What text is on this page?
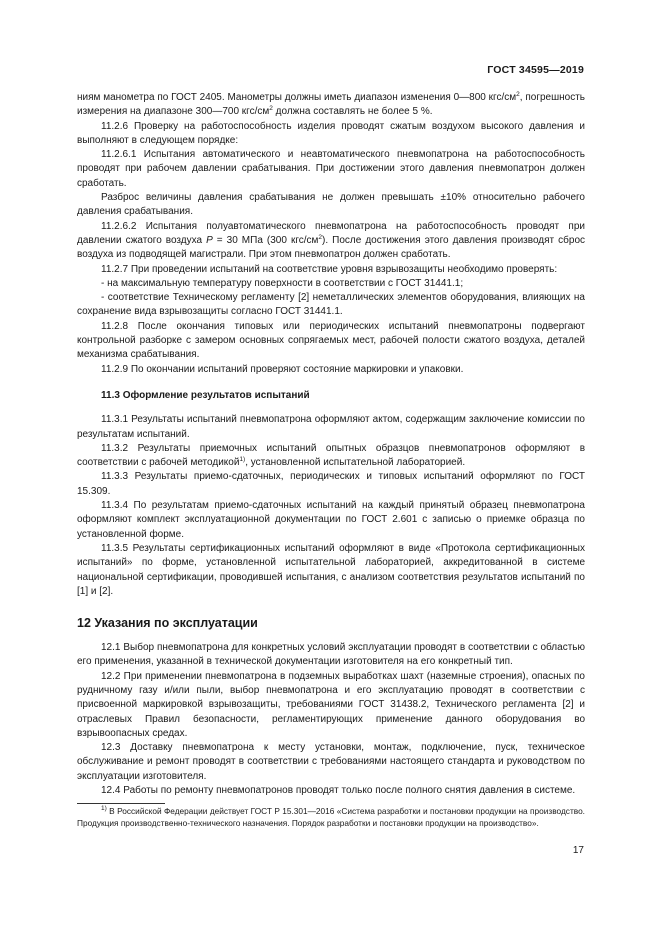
ГОСТ 34595—2019

ниям манометра по ГОСТ 2405. Манометры должны иметь диапазон изменения 0—800 кгс/$см^2$, погрешность измерения на диапазоне 300—700 кгс/$см^2$ должна составлять не более 5 %.

11.2.6 Проверку на работоспособность изделия проводят сжатым воздухом высокого давления и выполняют в следующем порядке:

11.2.6.1 Испытания автоматического и неавтоматического пневмопатрона на работоспособность проводят при рабочем давлении срабатывания. При достижении этого давления пневмопатрон должен сработать.

Разброс величины давления срабатывания не должен превышать ±10% относительно рабочего давления срабатывания.

11.2.6.2 Испытания полуавтоматического пневмопатрона на работоспособность проводят при давлении сжатого воздуха Р = 30 МПа (300 кгс/$см^2$). После достижения этого давления производят сброс воздуха из подводящей магистрали. При этом пневмопатрон должен сработать.

11.2.7 При проведении испытаний на соответствие уровня взрывозащиты необходимо проверять:

- на максимальную температуру поверхности в соответствии с ГОСТ 31441.1;

- соответствие Техническому регламенту [2] неметаллических элементов оборудования, влияющих на сохранение вида взрывозащиты согласно ГОСТ 31441.1.

11.2.8 После окончания типовых или периодических испытаний пневмопатроны подвергают контрольной разборке с замером основных сопрягаемых мест, рабочей полости сжатого воздуха, деталей механизма срабатывания.

11.2.9 По окончании испытаний проверяют состояние маркировки и упаковки.

11.3 Оформление результатов испытаний

11.3.1 Результаты испытаний пневмопатрона оформляют актом, содержащим заключение комиссии по результатам испытаний.

11.3.2 Результаты приемочных испытаний опытных образцов пневмопатронов оформляют в соответствии с рабочей методикой$^{1)}$, установленной испытательной лабораторией.

11.3.3 Результаты приемо-сдаточных, периодических и типовых испытаний оформляют по ГОСТ 15.309.

11.3.4 По результатам приемо-сдаточных испытаний на каждый принятый образец пневмопатрона оформляют комплект эксплуатационной документации по ГОСТ 2.601 с записью о приемке образца по установленной форме.

11.3.5 Результаты сертификационных испытаний оформляют в виде «Протокола сертификационных испытаний» по форме, установленной испытательной лабораторией, аккредитованной в системе национальной сертификации, проводившей испытания, с анализом соответствия результатов испытаний по [1] и [2].

12 Указания по эксплуатации

12.1 Выбор пневмопатрона для конкретных условий эксплуатации проводят в соответствии с областью его применения, указанной в технической документации изготовителя на его конкретный тип.

12.2 При применении пневмопатрона в подземных выработках шахт (наземные строения), опасных по рудничному газу и/или пыли, выбор пневмопатрона и его эксплуатацию проводят в соответствии с присвоенной маркировкой взрывозащиты, требованиями ГОСТ 31438.2, Технического регламента [2] и отраслевых Правил безопасности, регламентирующих применение данного оборудования во взрывоопасных средах.

12.3 Доставку пневмопатрона к месту установки, монтаж, подключение, пуск, техническое обслуживание и ремонт проводят в соответствии с требованиями настоящего стандарта и руководством по эксплуатации изготовителя.

12.4 Работы по ремонту пневмопатронов проводят только после полного снятия давления в системе.

$^{1)}$ В Российской Федерации действует ГОСТ Р 15.301—2016 «Система разработки и постановки продукции на производство. Продукция производственно-технического назначения. Порядок разработки и постановки продукции на производство».

17
